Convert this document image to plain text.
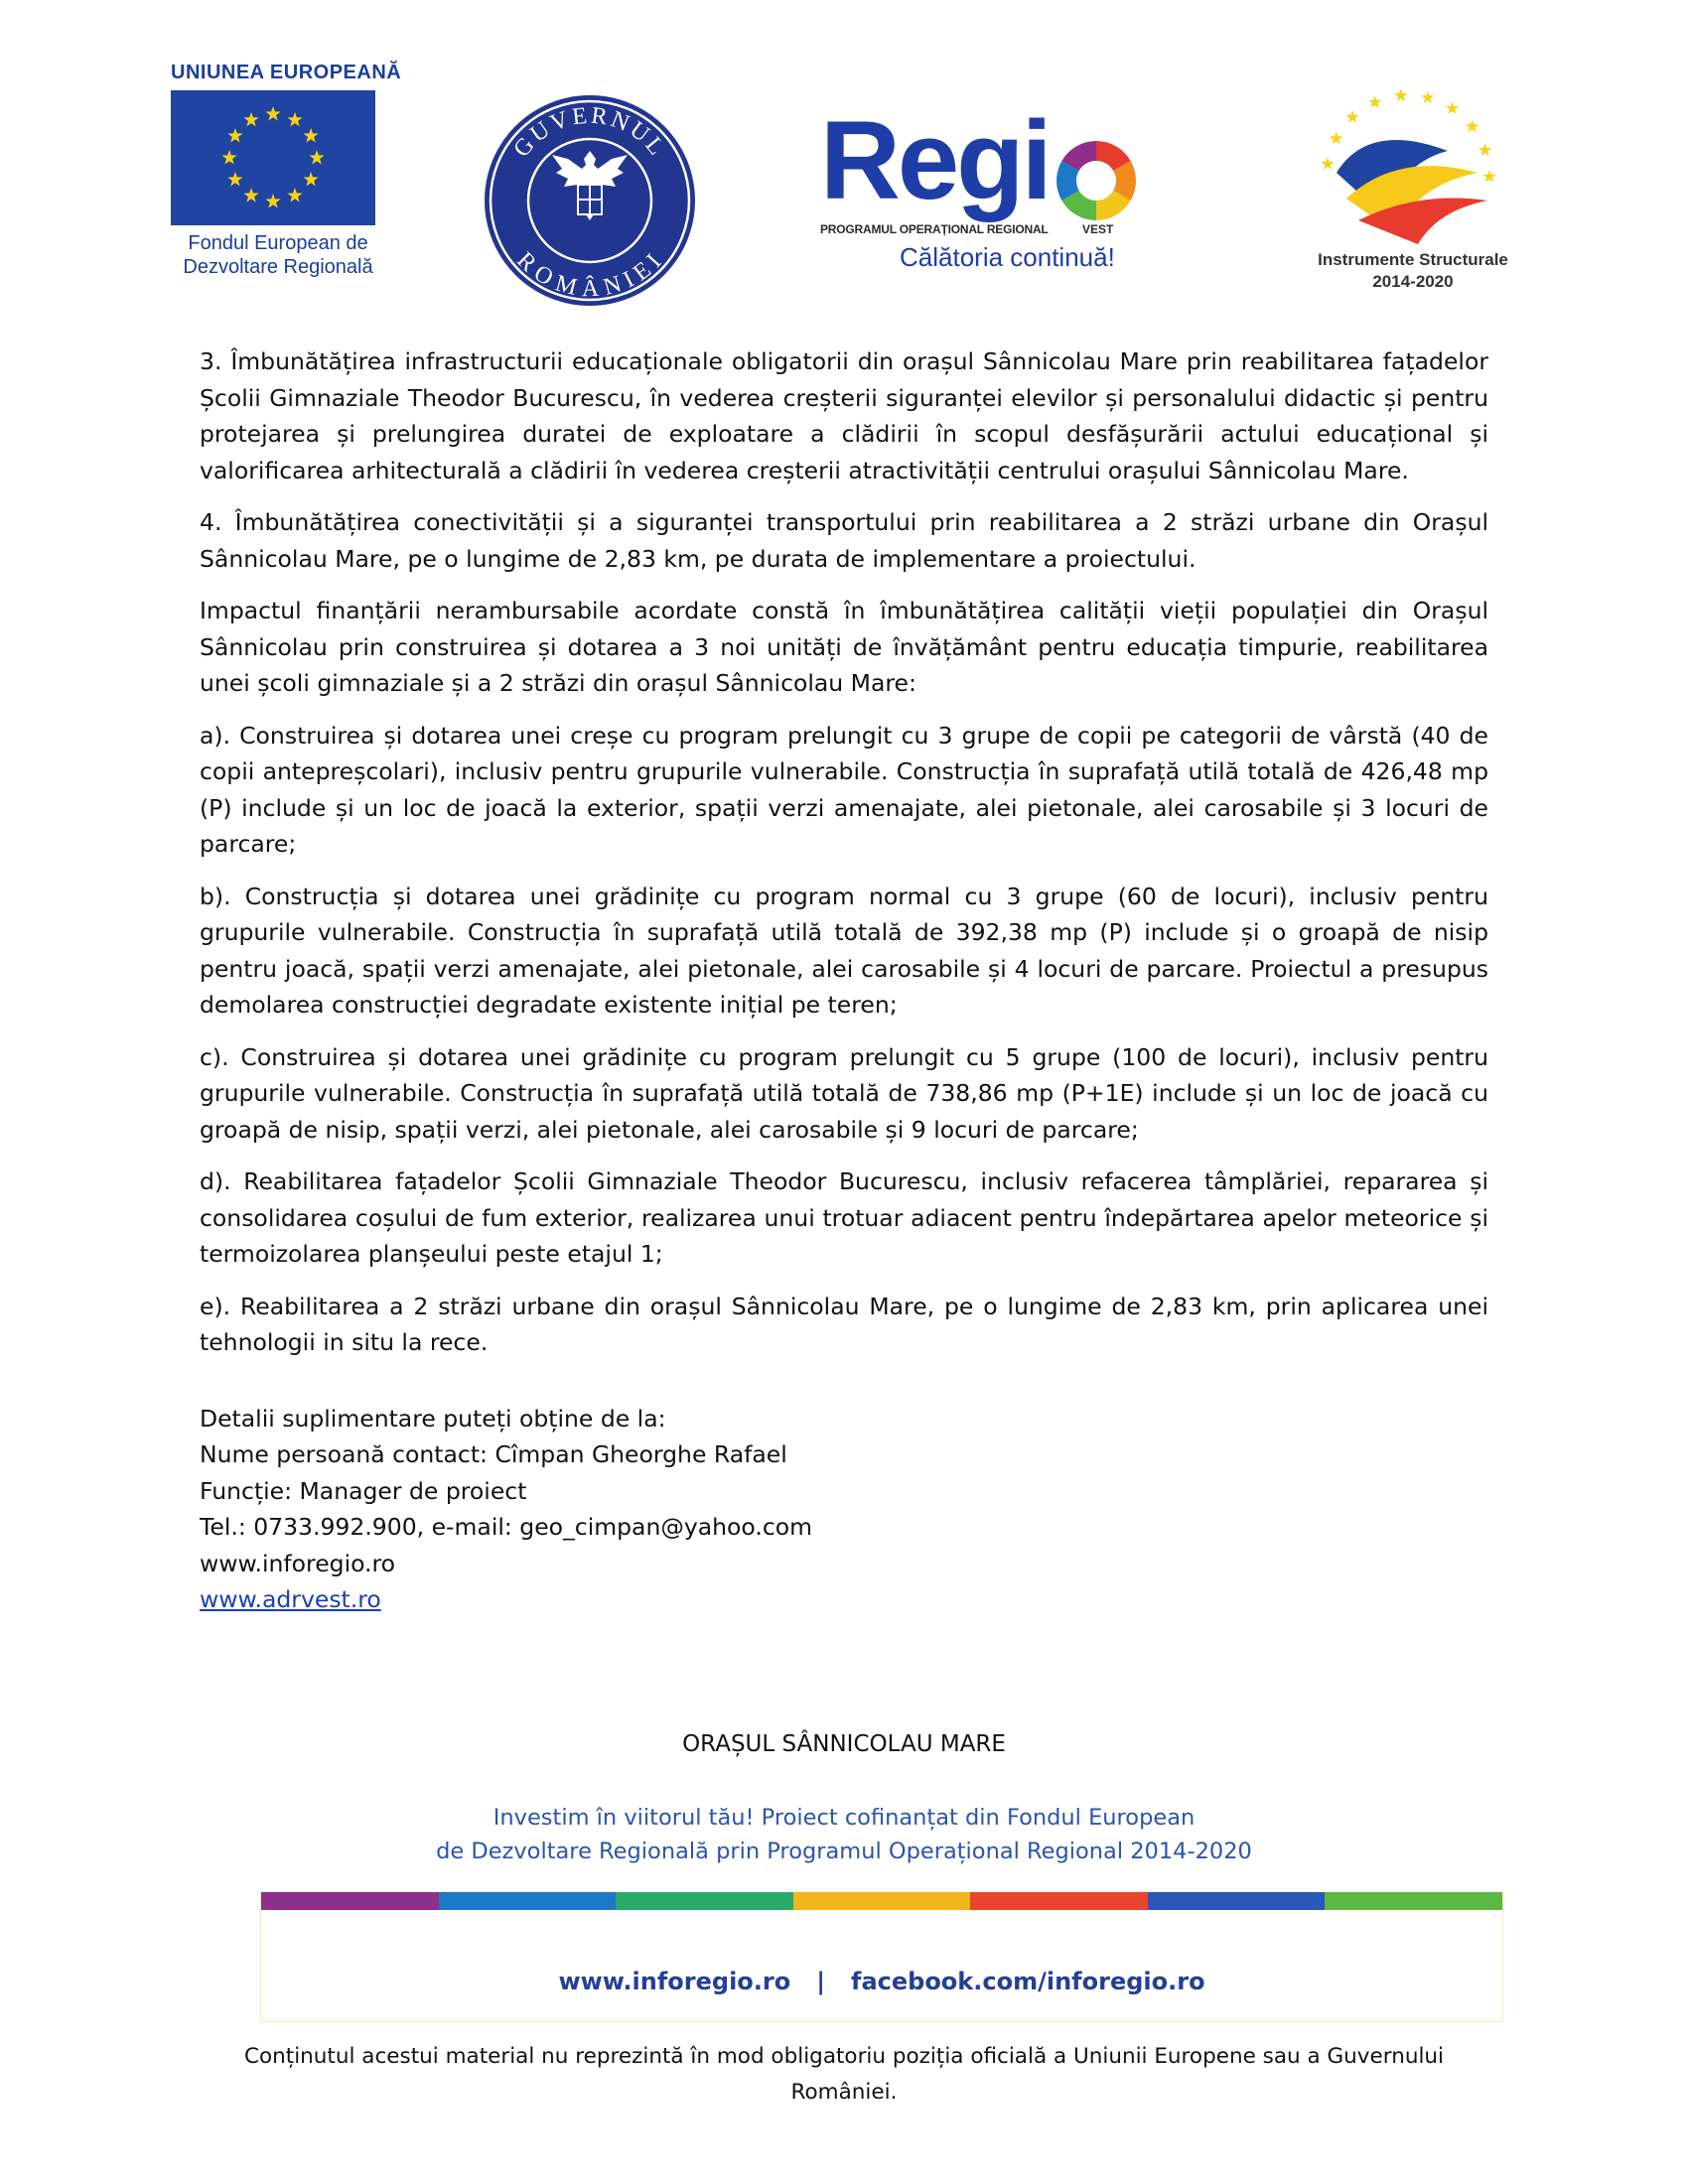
UNIUNEA EUROPEANĂ
Fondul European de
Dezvoltare Regională
GUVERNUL
ROMÂNIEI
Regi
PROGRAMUL OPERAȚIONAL REGIONAL	VEST
Călătoria continuă!	Instrumente Structurale
2014-2020

3. Îmbunătățirea infrastructurii educaționale obligatorii din orașul Sânnicolau Mare prin reabilitarea fațadelor Școlii Gimnaziale Theodor Bucurescu, în vederea creșterii siguranței elevilor și personalului didactic și pentru protejarea și prelungirea duratei de exploatare a clădirii în scopul desfășurării actului educațional și valorificarea arhitecturală a clădirii în vederea creșterii atractivității centrului orașului Sânnicolau Mare.

4. Îmbunătățirea conectivității și a siguranței transportului prin reabilitarea a 2 străzi urbane din Orașul Sânnicolau Mare, pe o lungime de 2,83 km, pe durata de implementare a proiectului.

Impactul finanțării nerambursabile acordate constă în îmbunătățirea calității vieții populației din Orașul Sânnicolau prin construirea și dotarea a 3 noi unități de învățământ pentru educația timpurie, reabilitarea unei școli gimnaziale și a 2 străzi din orașul Sânnicolau Mare:

a). Construirea și dotarea unei creșe cu program prelungit cu 3 grupe de copii pe categorii de vârstă (40 de copii antepreșcolari), inclusiv pentru grupurile vulnerabile. Construcția în suprafață utilă totală de 426,48 mp (P) include și un loc de joacă la exterior, spații verzi amenajate, alei pietonale, alei carosabile și 3 locuri de parcare;

b). Construcția și dotarea unei grădinițe cu program normal cu 3 grupe (60 de locuri), inclusiv pentru grupurile vulnerabile. Construcția în suprafață utilă totală de 392,38 mp (P) include și o groapă de nisip pentru joacă, spații verzi amenajate, alei pietonale, alei carosabile și 4 locuri de parcare. Proiectul a presupus demolarea construcției degradate existente inițial pe teren;

c). Construirea și dotarea unei grădinițe cu program prelungit cu 5 grupe (100 de locuri), inclusiv pentru grupurile vulnerabile. Construcția în suprafață utilă totală de 738,86 mp (P+1E) include și un loc de joacă cu groapă de nisip, spații verzi, alei pietonale, alei carosabile și 9 locuri de parcare;

d). Reabilitarea fațadelor Școlii Gimnaziale Theodor Bucurescu, inclusiv refacerea tâmplăriei, repararea și consolidarea coșului de fum exterior, realizarea unui trotuar adiacent pentru îndepărtarea apelor meteorice și termoizolarea planșeului peste etajul 1;

e). Reabilitarea a 2 străzi urbane din orașul Sânnicolau Mare, pe o lungime de 2,83 km, prin aplicarea unei tehnologii in situ la rece.

Detalii suplimentare puteți obține de la:
Nume persoană contact: Cîmpan Gheorghe Rafael
Funcție: Manager de proiect
Tel.: 0733.992.900, e-mail: geo_cimpan@yahoo.com
www.inforegio.ro
www.adrvest.ro
ORAȘUL SÂNNICOLAU MARE
Investim în viitorul tău! Proiect cofinanțat din Fondul European
de Dezvoltare Regională prin Programul Operațional Regional 2014-2020
www.inforegio.ro | facebook.com/inforegio.ro
Conținutul acestui material nu reprezintă în mod obligatoriu poziția oficială a Uniunii Europene sau a Guvernului
României.
